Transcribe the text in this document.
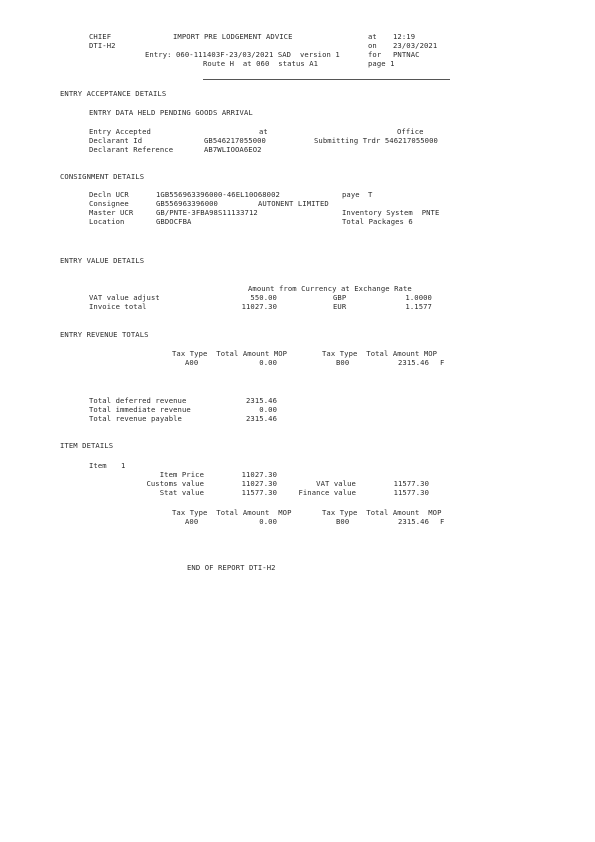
CHIEF
DTI-H2
IMPORT PRE LODGEMENT ADVICE	at 12:19
on 23/03/2021
Entry: 060-111403F-23/03/2021 SAD  version 1	for PNTNAC
Route H  at 060  status A1	page 1
ENTRY ACCEPTANCE DETAILS
ENTRY DATA HELD PENDING GOODS ARRIVAL
Entry Accepted	at	Office
Declarant Id	GB546217055000	Submitting Trdr 546217055000
Declarant Reference	AB7WLIOOA6EO2
CONSIGNMENT DETAILS
Decln UCR	1GB556963396000-46EL10O68002	paye T
Consignee	GB556963396000	AUTONENT LIMITED
Master UCR	GB/PNTE-3FBA98S11133712	Inventory System  PNTE
Location	GBDOCFBA	Total Packages 6
ENTRY VALUE DETAILS
Amount from Currency at Exchange Rate
VAT value adjust	550.00	GBP	1.0000
Invoice total	11027.30	EUR	1.1577
ENTRY REVENUE TOTALS
Tax Type  Total Amount MOP	Tax Type  Total Amount MOP
A00	0.00	B00	2315.46 F
Total deferred revenue	2315.46
Total immediate revenue	0.00
Total revenue payable	2315.46
ITEM DETAILS
Item 1
Item Price	11027.30
Customs value	11027.30	VAT value	11577.30
Stat value	11577.30	Finance value	11577.30
Tax Type  Total Amount  MOP	Tax Type  Total Amount  MOP
A00	0.00	B00	2315.46 F
END OF REPORT DTI-H2
